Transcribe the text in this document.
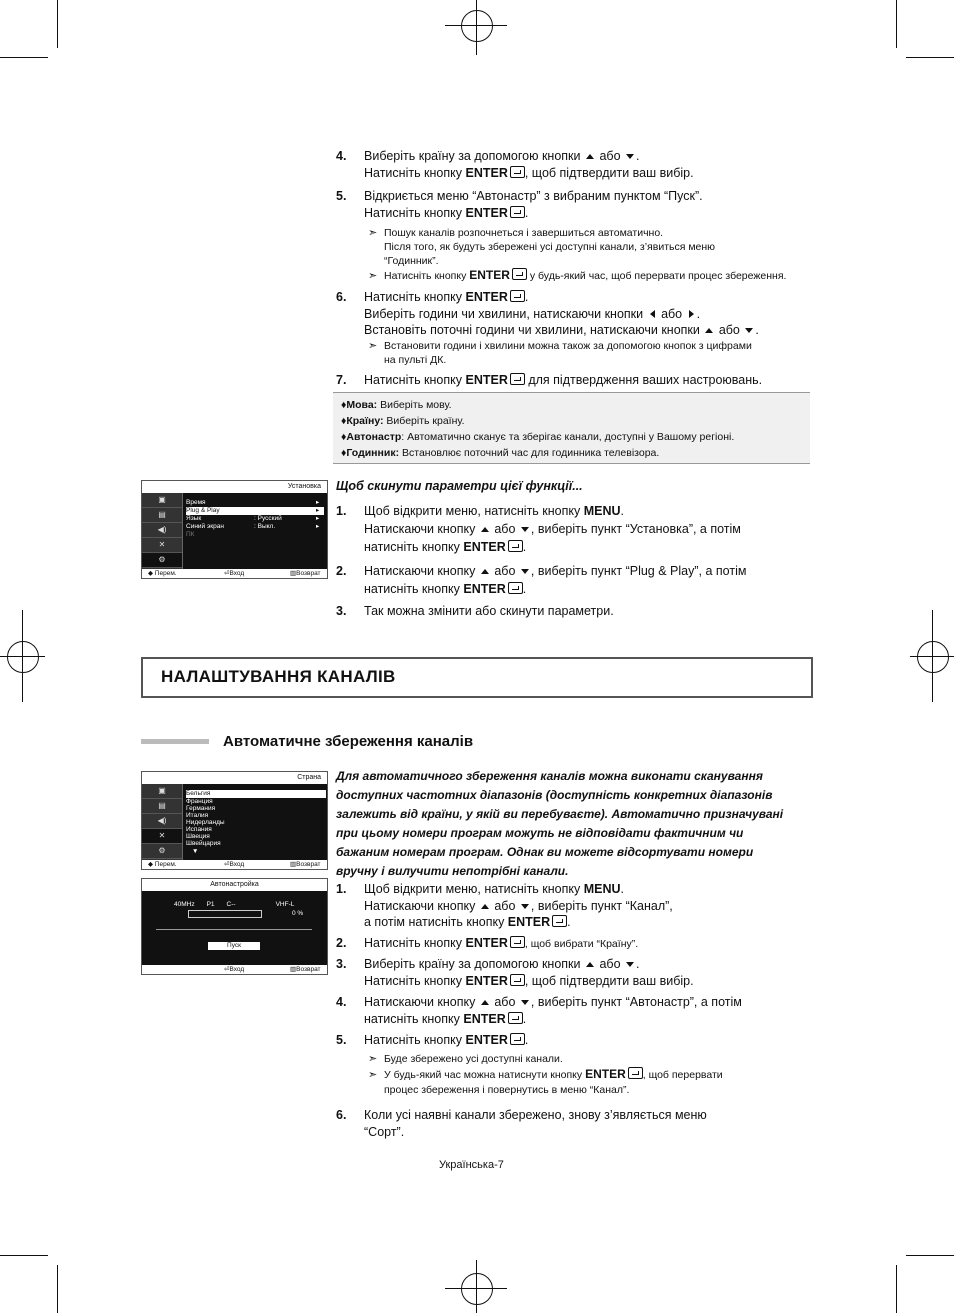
4. Виберіть країну за допомогою кнопки  або .
Натисніть кнопку ENTER , щоб підтвердити ваш вибір.
5. Відкриється меню “Автонастр” з вибраним пунктом “Пуск”.
Натисніть кнопку ENTER .
➣ Пошук каналів розпочнеться і завершиться автоматично.
Після того, як будуть збережені усі доступні канали, з’явиться меню
“Годинник”.
➣ Натисніть кнопку ENTER у будь-який час, щоб перервати процес збереження.
6. Натисніть кнопку ENTER .
Виберіть години чи хвилини, натискаючи кнопки  або .
Встановіть поточні години чи хвилини, натискаючи кнопки  або .
➣ Встановити години і хвилини можна також за допомогою кнопок з цифрами
на пульті ДК.
7. Натисніть кнопку ENTER для підтвердження ваших настроювань.
♦Мова: Виберіть мову.
♦Країну: Виберіть країну.
♦Автонастр: Автоматично сканує та зберігає канали, доступні у Вашому регіоні.
♦Годинник: Встановлює поточний час для годинника телевізора.
Установка
▣
▤
◀)
✕
⚙
Время	▸
Plug & Play	▸
Язык	: Русский	▸
Синий экран	: Выкл.	▸
ПК
◆ Перем.	⏎Вход	▥Возврат
Щоб скинути параметри цієї функції...
1. Щоб відкрити меню, натисніть кнопку MENU.
Натискаючи кнопку  або , виберіть пункт “Установка”, а потім
натисніть кнопку ENTER .
2. Натискаючи кнопку  або , виберіть пункт “Plug & Play”, а потім
натисніть кнопку ENTER .
3. Так можна змінити або скинути параметри.
НАЛАШТУВАННЯ КАНАЛІВ
Автоматичне збереження каналів
Для автоматичного збереження каналів можна виконати сканування
доступних частотних діапазонів (доступність конкретних діапазонів
залежить від країни, у якій ви перебуваєте). Автоматично призначувані
при цьому номери програм можуть не відповідати фактичним чи
бажаним номерам програм. Однак ви можете відсортувати номери
вручну і вилучити непотрібні канали.
Страна
▣
▤
◀)
✕
⚙
Бельгия
Франция
Германия
Италия
Нидерланды
Испания
Швеция
Швейцария
▼
◆ Перем.	⏎Вход	▥Возврат
Автонастройка
40MHz P1 C--	VHF-L
0 %
Пуск
⏎Вход	▥Возврат
1. Щоб відкрити меню, натисніть кнопку MENU.
Натискаючи кнопку  або , виберіть пункт “Канал”,
а потім натисніть кнопку ENTER .
2. Натисніть кнопку ENTER , щоб вибрати “Країну”.
3. Виберіть країну за допомогою кнопки  або .
Натисніть кнопку ENTER , щоб підтвердити ваш вибір.
4. Натискаючи кнопку  або , виберіть пункт “Автонастр”, а потім
натисніть кнопку ENTER .
5. Натисніть кнопку ENTER .
➣ Буде збережено усі доступні канали.
➣ У будь-який час можна натиснути кнопку ENTER , щоб перервати
процес збереження і повернутись в меню “Канал”.
6. Коли усі наявні канали збережено, знову з’являється меню
“Сорт”.
Українська-7
